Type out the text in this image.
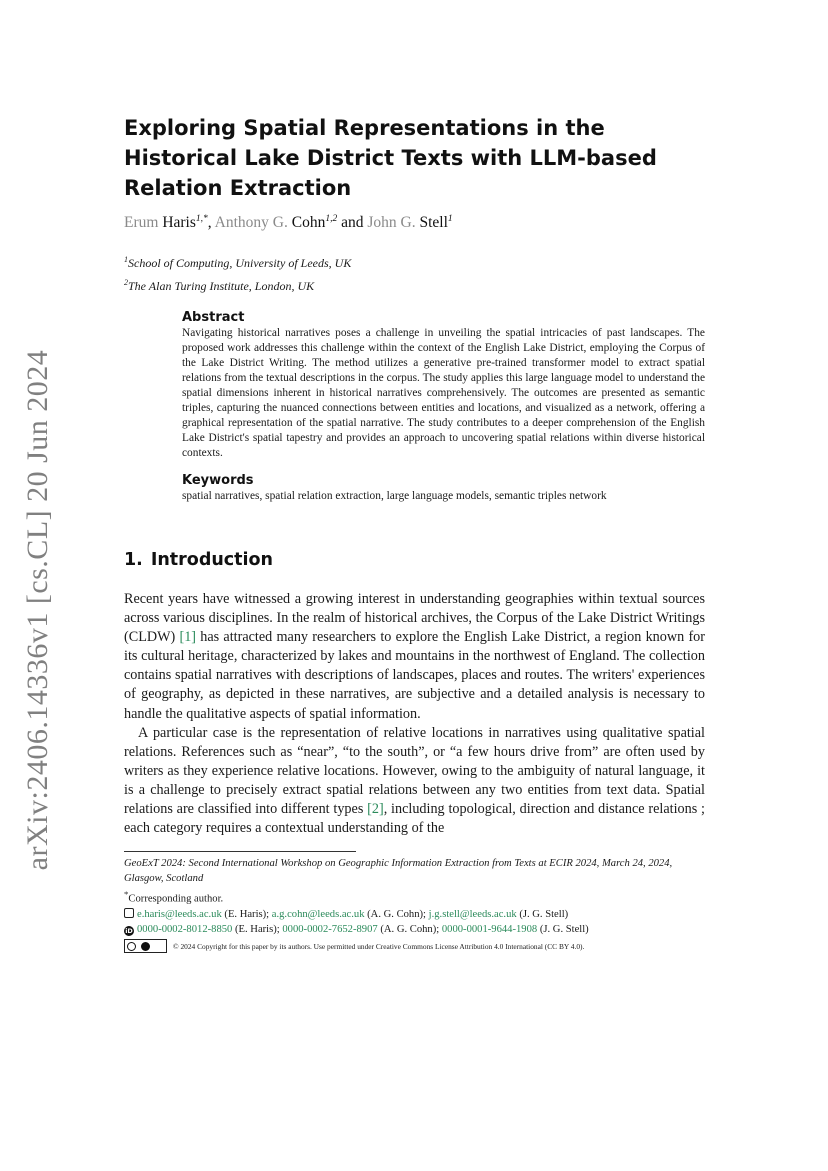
arXiv:2406.14336v1 [cs.CL] 20 Jun 2024
Exploring Spatial Representations in the Historical Lake District Texts with LLM-based Relation Extraction
Erum Haris$^{1,*}$, Anthony G. Cohn$^{1,2}$ and John G. Stell$^1$
$^1$School of Computing, University of Leeds, UK
$^2$The Alan Turing Institute, London, UK
Abstract

Navigating historical narratives poses a challenge in unveiling the spatial intricacies of past landscapes. The proposed work addresses this challenge within the context of the English Lake District, employing the Corpus of the Lake District Writing. The method utilizes a generative pre-trained transformer model to extract spatial relations from the textual descriptions in the corpus. The study applies this large language model to understand the spatial dimensions inherent in historical narratives comprehensively. The outcomes are presented as semantic triples, capturing the nuanced connections between entities and locations, and visualized as a network, offering a graphical representation of the spatial narrative. The study contributes to a deeper comprehension of the English Lake District's spatial tapestry and provides an approach to uncovering spatial relations within diverse historical contexts.

Keywords

spatial narratives, spatial relation extraction, large language models, semantic triples network

1. Introduction

Recent years have witnessed a growing interest in understanding geographies within textual sources across various disciplines. In the realm of historical archives, the Corpus of the Lake District Writings (CLDW) [1] has attracted many researchers to explore the English Lake District, a region known for its cultural heritage, characterized by lakes and mountains in the northwest of England. The collection contains spatial narratives with descriptions of landscapes, places and routes. The writers' experiences of geography, as depicted in these narratives, are subjective and a detailed analysis is necessary to handle the qualitative aspects of spatial information.

A particular case is the representation of relative locations in narratives using qualitative spatial relations. References such as “near”, “to the south”, or “a few hours drive from” are often used by writers as they experience relative locations. However, owing to the ambiguity of natural language, it is a challenge to precisely extract spatial relations between any two entities from text data. Spatial relations are classified into different types [2], including topological, direction and distance relations ; each category requires a contextual understanding of the

GeoExT 2024: Second International Workshop on Geographic Information Extraction from Texts at ECIR 2024, March 24, 2024, Glasgow, Scotland
*Corresponding author.
e.haris@leeds.ac.uk (E. Haris); a.g.cohn@leeds.ac.uk (A. G. Cohn); j.g.stell@leeds.ac.uk (J. G. Stell)
iD 0000-0002-8012-8850 (E. Haris); 0000-0002-7652-8907 (A. G. Cohn); 0000-0001-9644-1908 (J. G. Stell)
© 2024 Copyright for this paper by its authors. Use permitted under Creative Commons License Attribution 4.0 International (CC BY 4.0).
